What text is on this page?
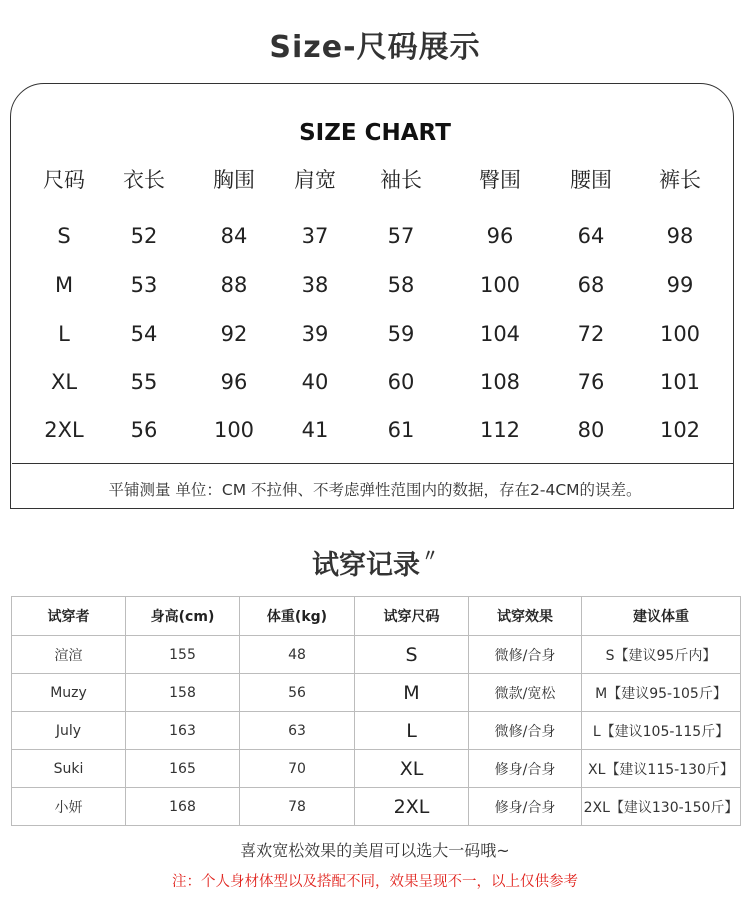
Size-尺码展示
SIZE CHART
尺码	衣长	胸围	肩宽	袖长	臀围	腰围	裤长
S	52	84	37	57	96	64	98
M	53	88	38	58	100	68	99
L	54	92	39	59	104	72	100
XL	55	96	40	60	108	76	101
2XL	56	100	41	61	112	80	102
平铺测量 单位：CM 不拉伸、不考虑弹性范围内的数据，存在2-4CM的误差。
试穿记录 〃
试穿者	身高(cm)	体重(kg)	试穿尺码	试穿效果	建议体重
渲渲	155	48	S	微修/合身	S【建议95斤内】
Muzy	158	56	M	微款/宽松	M【建议95-105斤】
July	163	63	L	微修/合身	L【建议105-115斤】
Suki	165	70	XL	修身/合身	XL【建议115-130斤】
小妍	168	78	2XL	修身/合身	2XL【建议130-150斤】
喜欢宽松效果的美眉可以选大一码哦~
注：个人身材体型以及搭配不同，效果呈现不一，以上仅供参考
